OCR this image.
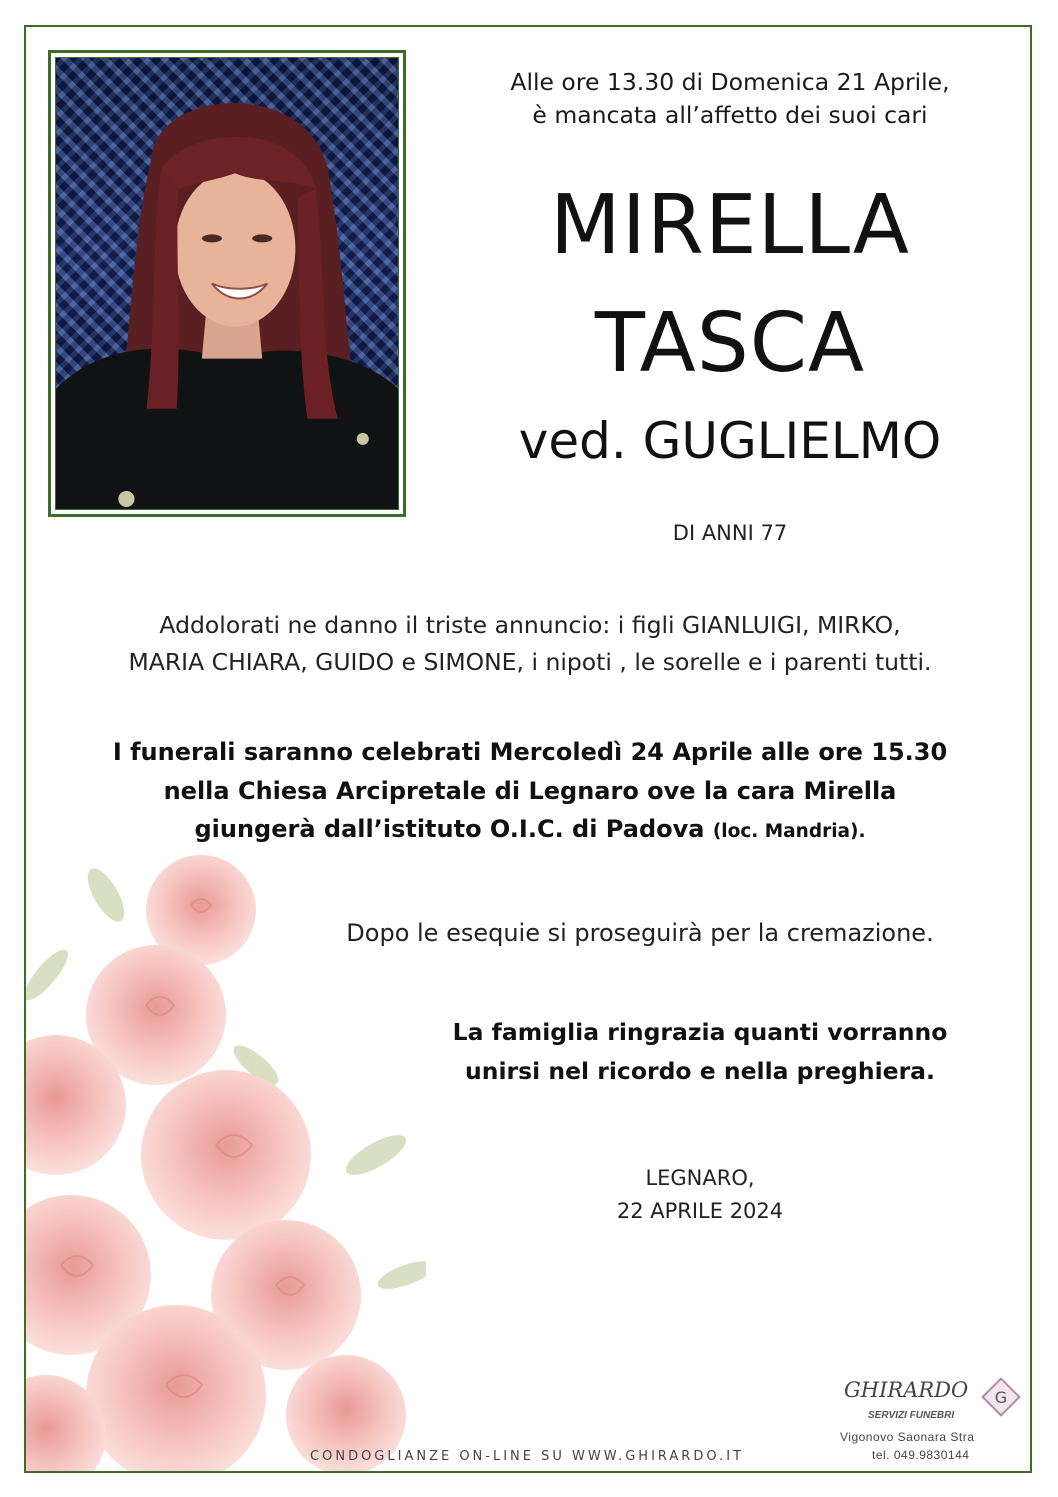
Alle ore 13.30 di Domenica 21 Aprile,
è mancata all’affetto dei suoi cari
MIRELLA
TASCA
ved. GUGLIELMO
DI ANNI 77
Addolorati ne danno il triste annuncio: i figli GIANLUIGI, MIRKO,
MARIA CHIARA, GUIDO e SIMONE, i nipoti , le sorelle e i parenti tutti.
I funerali saranno celebrati Mercoledì 24 Aprile alle ore 15.30
nella Chiesa Arcipretale di Legnaro ove la cara Mirella
giungerà dall’istituto O.I.C. di Padova (loc. Mandria).
Dopo le esequie si proseguirà per la cremazione.
La famiglia ringrazia quanti vorranno
unirsi nel ricordo e nella preghiera.
LEGNARO,
22 APRILE 2024
CONDOGLIANZE ON-LINE SU WWW.GHIRARDO.IT
GHIRARDO
SERVIZI FUNEBRI
G
Vigonovo Saonara Stra
tel. 049.9830144
